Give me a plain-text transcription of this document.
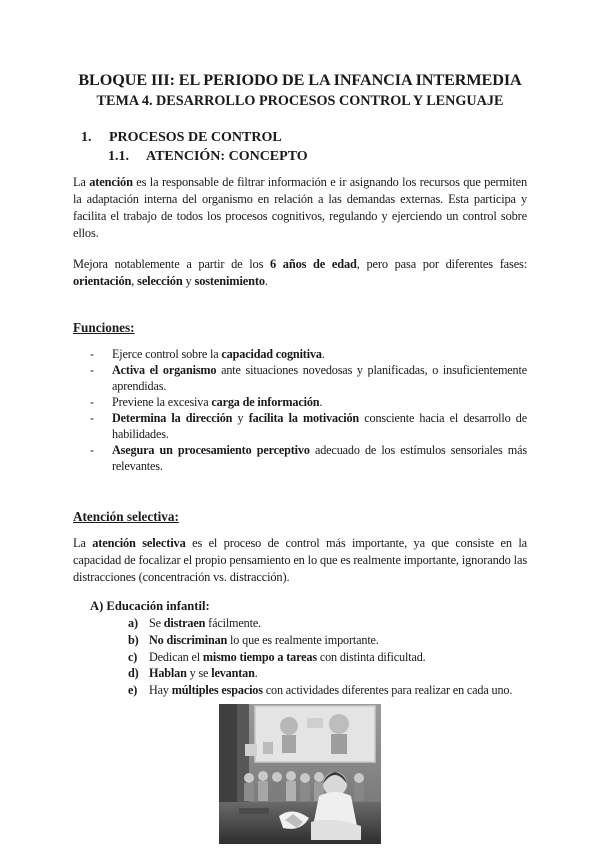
BLOQUE III: EL PERIODO DE LA INFANCIA INTERMEDIA
TEMA 4. DESARROLLO PROCESOS CONTROL Y LENGUAJE
1. PROCESOS DE CONTROL
1.1. ATENCIÓN: CONCEPTO

La atención es la responsable de filtrar información e ir asignando los recursos que permiten la adaptación interna del organismo en relación a las demandas externas. Esta participa y facilita el trabajo de todos los procesos cognitivos, regulando y ejerciendo un control sobre ellos.

Mejora notablemente a partir de los 6 años de edad, pero pasa por diferentes fases: orientación, selección y sostenimiento.

Funciones:

- Ejerce control sobre la capacidad cognitiva.
- Activa el organismo ante situaciones novedosas y planificadas, o insuficientemente aprendidas.
- Previene la excesiva carga de información.
- Determina la dirección y facilita la motivación consciente hacia el desarrollo de habilidades.
- Asegura un procesamiento perceptivo adecuado de los estímulos sensoriales más relevantes.

Atención selectiva:

La atención selectiva es el proceso de control más importante, ya que consiste en la capacidad de focalizar el propio pensamiento en lo que es realmente importante, ignorando las distracciones (concentración vs. distracción).

A) Educación infantil:

a) Se distraen fácilmente.
b) No discriminan lo que es realmente importante.
c) Dedican el mismo tiempo a tareas con distinta dificultad.
d) Hablan y se levantan.
e) Hay múltiples espacios con actividades diferentes para realizar en cada uno.
